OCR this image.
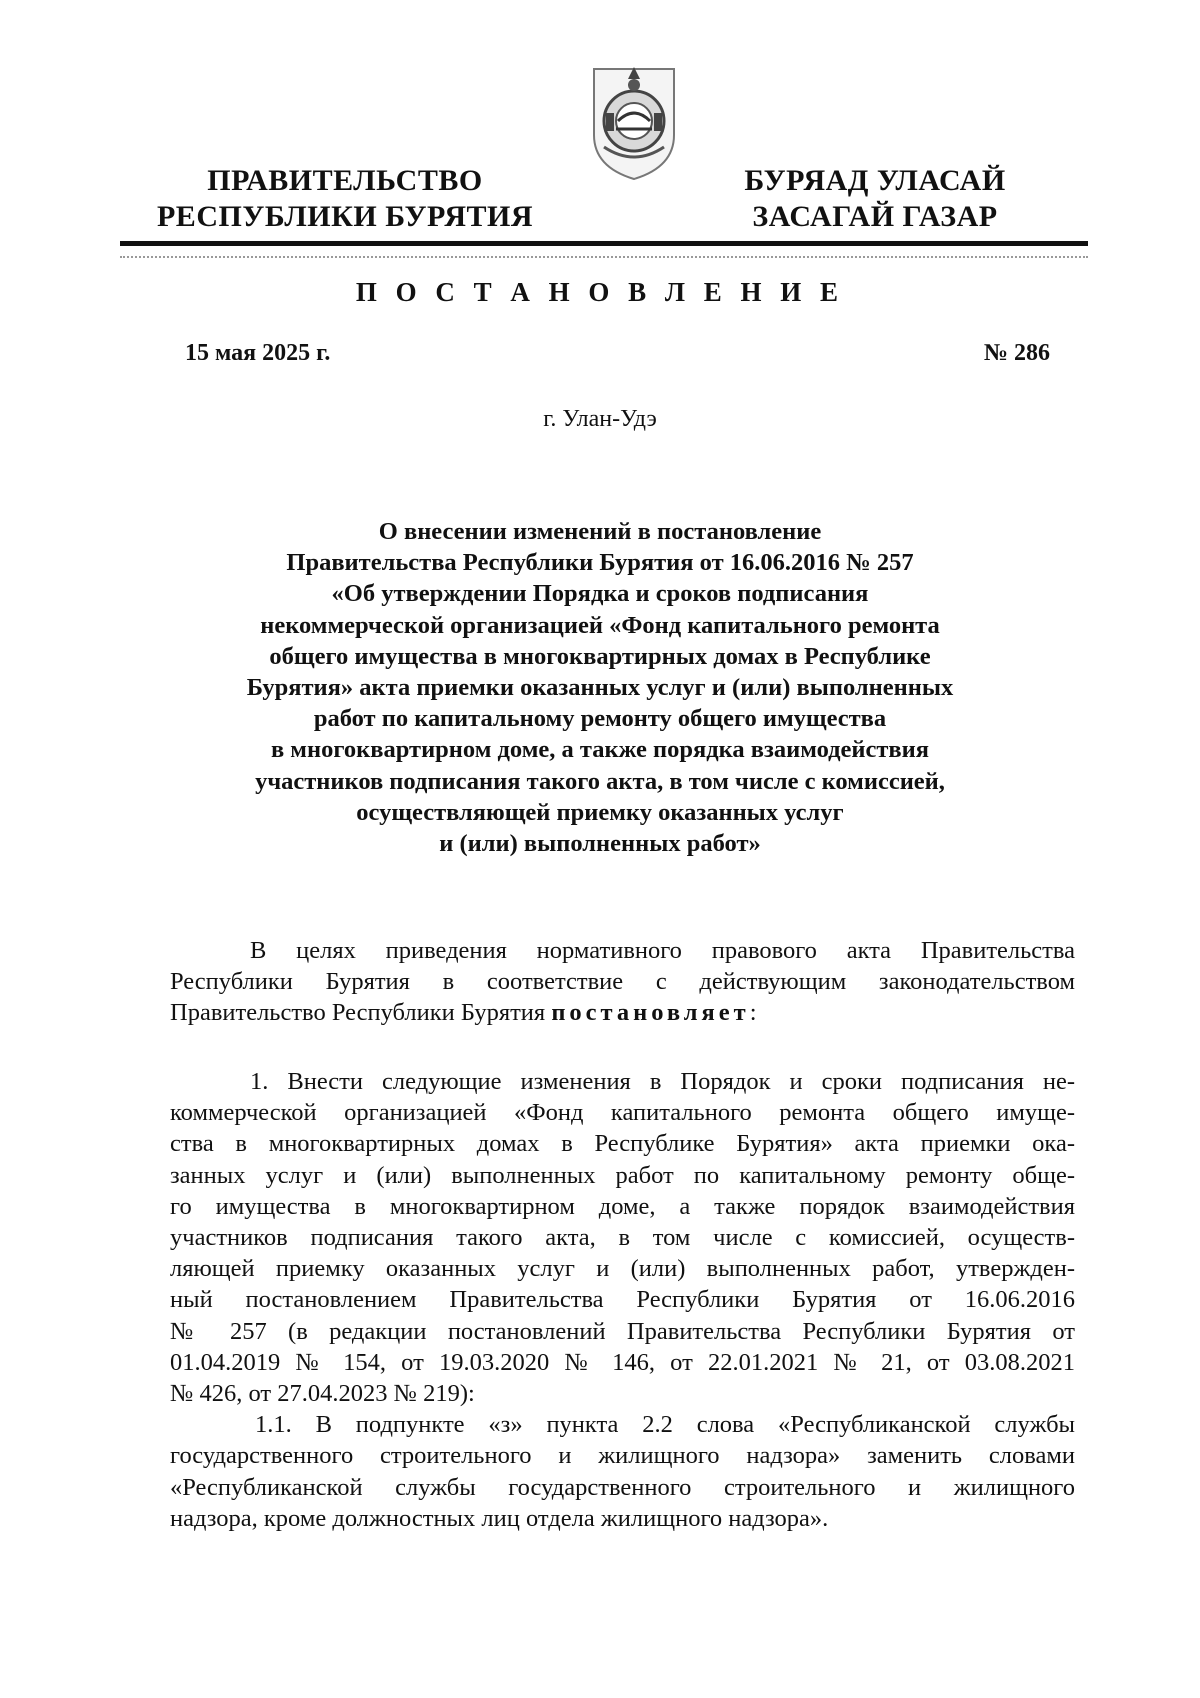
ПРАВИТЕЛЬСТВО
РЕСПУБЛИКИ БУРЯТИЯ
БУРЯАД УЛАСАЙ
ЗАСАГАЙ ГАЗАР
П О С Т А Н О В Л Е Н И Е
15 мая 2025 г.	№ 286
г. Улан-Удэ
О внесении изменений в постановление
Правительства Республики Бурятия от 16.06.2016 № 257
«Об утверждении Порядка и сроков подписания
некоммерческой организацией «Фонд капитального ремонта
общего имущества в многоквартирных домах в Республике
Бурятия» акта приемки оказанных услуг и (или) выполненных
работ по капитальному ремонту общего имущества
в многоквартирном доме, а также порядка взаимодействия
участников подписания такого акта, в том числе с комиссией,
осуществляющей приемку оказанных услуг
и (или) выполненных работ»
В целях приведения нормативного правового акта Правительства
Республики Бурятия в соответствие с действующим законодательством
Правительство Республики Бурятия постановляет:
1. Внести следующие изменения в Порядок и сроки подписания не-
коммерческой организацией «Фонд капитального ремонта общего имуще-
ства в многоквартирных домах в Республике Бурятия» акта приемки ока-
занных услуг и (или) выполненных работ по капитальному ремонту обще-
го имущества в многоквартирном доме, а также порядок взаимодействия
участников подписания такого акта, в том числе с комиссией, осуществ-
ляющей приемку оказанных услуг и (или) выполненных работ, утвержден-
ный постановлением Правительства Республики Бурятия от 16.06.2016
№ 257 (в редакции постановлений Правительства Республики Бурятия от
01.04.2019 № 154, от 19.03.2020 № 146, от 22.01.2021 № 21, от 03.08.2021
№ 426, от 27.04.2023 № 219):
1.1. В подпункте «з» пункта 2.2 слова «Республиканской службы
государственного строительного и жилищного надзора» заменить словами
«Республиканской службы государственного строительного и жилищного
надзора, кроме должностных лиц отдела жилищного надзора».
